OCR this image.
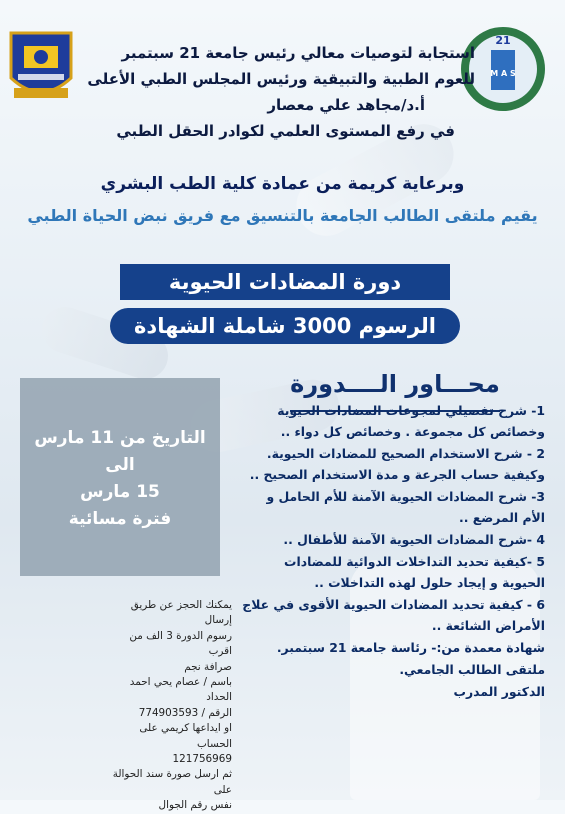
21
M A S
استجابة لتوصيات معالي رئيس جامعة 21 سبتمبر
للعوم الطبية والتبيقية ورئيس المجلس الطبي الأعلى
أ.د/مجاهد علي معصار
في رفع المستوى العلمي لكوادر الحقل الطبي
وبرعاية كريمة من عمادة كلية الطب البشري
يقيم ملتقى الطالب الجامعة بالتنسيق مع فريق نبض الحياة الطبي
دورة المضادات الحيوية
الرسوم 3000 شاملة الشهادة
محـــاور الــــدورة
1- شرح تفصيلي لمجوعات المضادات الحيوية وخصائص كل مجموعة . وخصائص كل دواء ..
2 - شرح الاستخدام الصحيح للمضادات الحيوية. وكيفية حساب الجرعة و مدة الاستخدام الصحيح ..
3- شرح المضادات الحيوية الآمنة للأم الحامل و الأم المرضع ..
4 -شرح المضادات الحيوية الآمنة للأطفال ..
5 -كيفية تحديد التداخلات الدوائية للمضادات الحيوية و إيجاد حلول لهذه التداخلات ..
6 - كيفية تحديد المضادات الحيوية الأقوى في علاج الأمراض الشائعة ..
شهادة معمدة من:- رئاسة جامعة 21 سبتمبر.
ملتقى الطالب الجامعي.
الدكتور المدرب
التاريخ من 11 مارس الى
15 مارس
فترة مسائية
يمكنك الحجز عن طريق إرسال
رسوم الدورة 3 الف من اقرب
صرافة نجم
باسم / عصام يحي احمد الحداد
الرقم / 774903593
او ايداعها كريمي على الحساب
121756969
ثم ارسل صورة سند الحوالة على
نفس رقم الجوال
